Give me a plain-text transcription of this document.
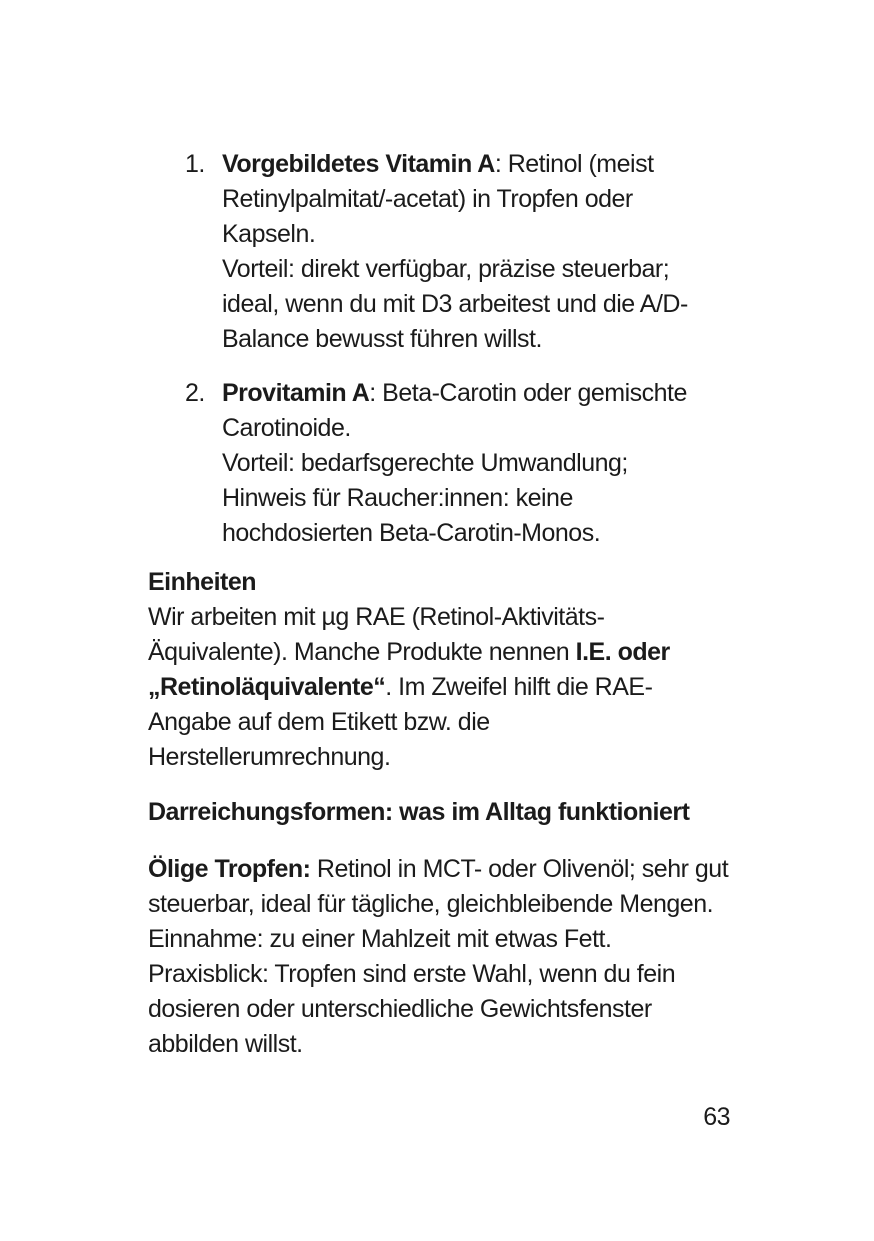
1. Vorgebildetes Vitamin A: Retinol (meist
Retinylpalmitat/-acetat) in Tropfen oder
Kapseln.
Vorteil: direkt verfügbar, präzise steuerbar;
ideal, wenn du mit D3 arbeitest und die A/D-
Balance bewusst führen willst.
2. Provitamin A: Beta-Carotin oder gemischte
Carotinoide.
Vorteil: bedarfsgerechte Umwandlung;
Hinweis für Raucher:innen: keine
hochdosierten Beta-Carotin-Monos.
Einheiten
Wir arbeiten mit µg RAE (Retinol-Aktivitäts-
Äquivalente). Manche Produkte nennen I.E. oder
„Retinoläquivalente“. Im Zweifel hilft die RAE-
Angabe auf dem Etikett bzw. die
Herstellerumrechnung.
Darreichungsformen: was im Alltag funktioniert
Ölige Tropfen: Retinol in MCT- oder Olivenöl; sehr gut
steuerbar, ideal für tägliche, gleichbleibende Mengen.
Einnahme: zu einer Mahlzeit mit etwas Fett.
Praxisblick: Tropfen sind erste Wahl, wenn du fein
dosieren oder unterschiedliche Gewichtsfenster
abbilden willst.
63
